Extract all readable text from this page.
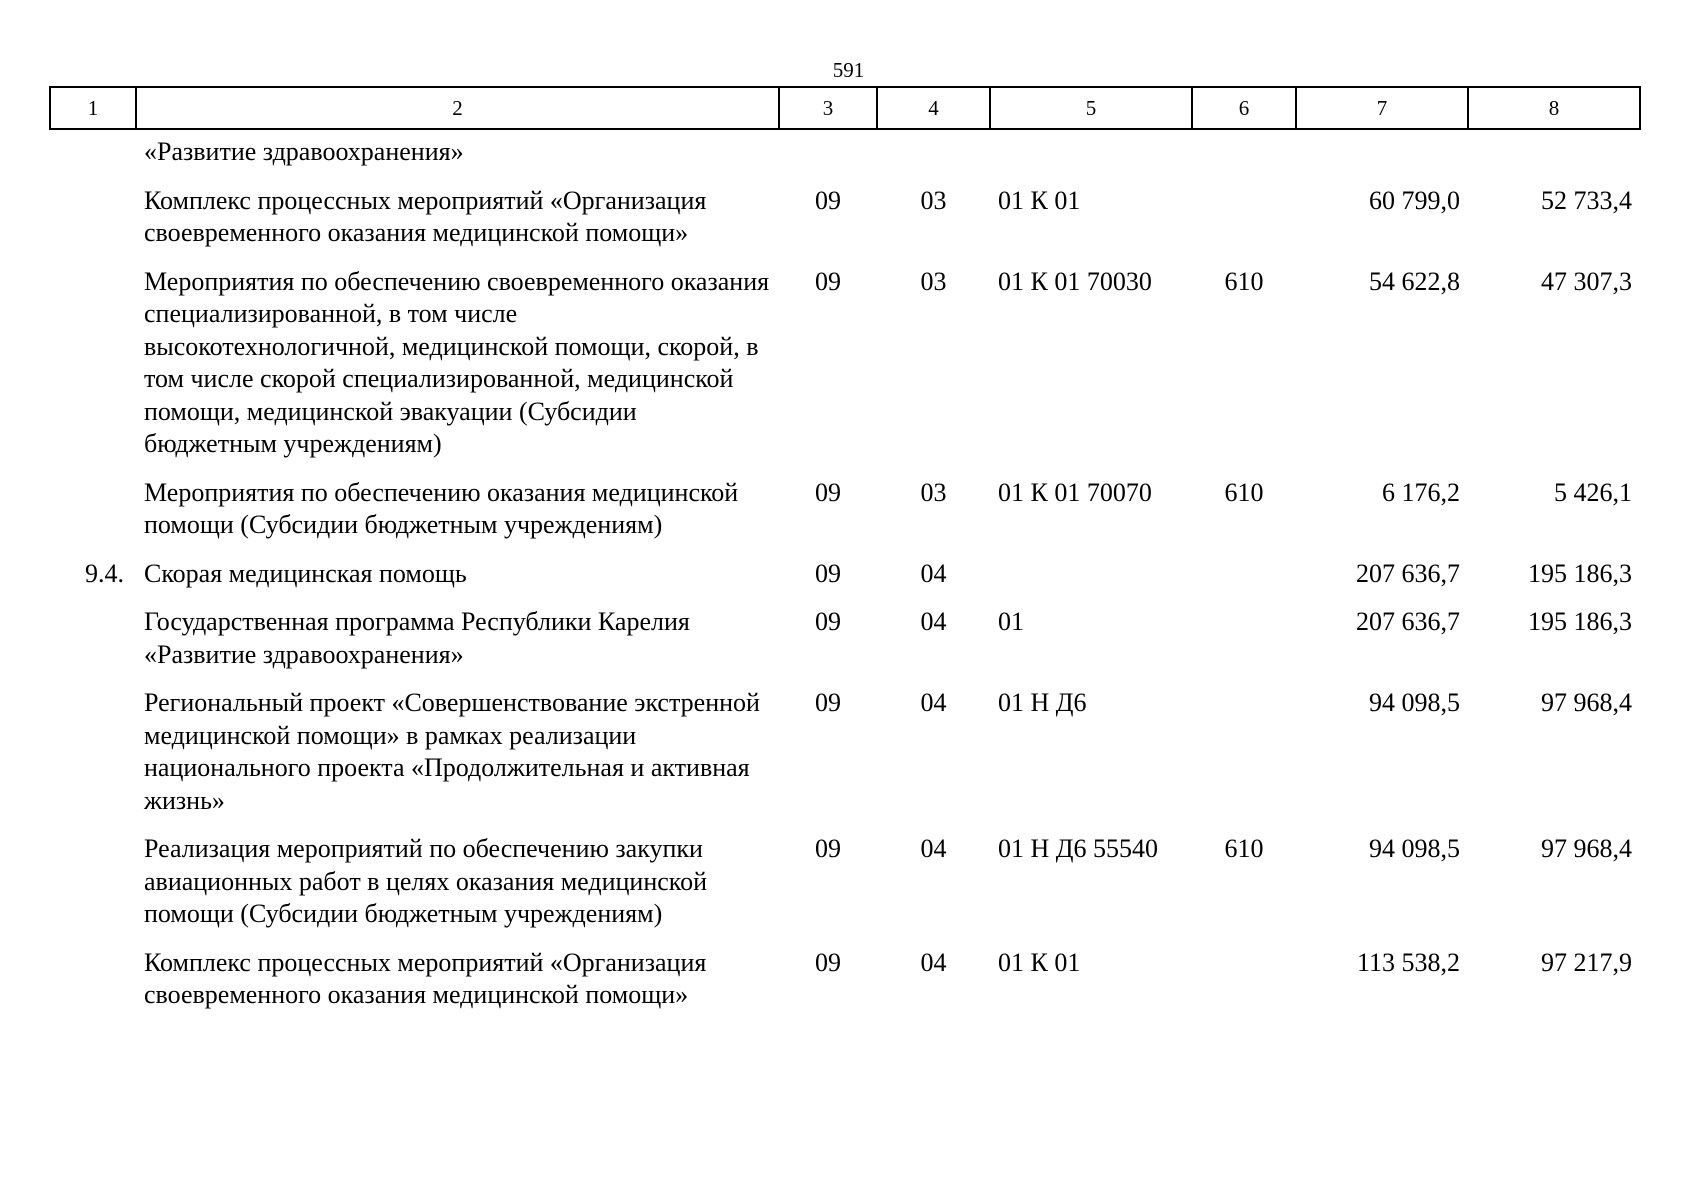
591
1	2	3	4	5	6	7	8
	«Развитие здравоохранения»						
	Комплекс процессных мероприятий «Организация своевременного оказания медицинской помощи»	09	03	01 К 01		60 799,0	52 733,4
	Мероприятия по обеспечению своевременного оказания специализированной, в том числе высокотехнологичной, медицинской помощи, скорой, в том числе скорой специализированной, медицинской помощи, медицинской эвакуации (Субсидии бюджетным учреждениям)	09	03	01 К 01 70030	610	54 622,8	47 307,3
	Мероприятия по обеспечению оказания медицинской помощи (Субсидии бюджетным учреждениям)	09	03	01 К 01 70070	610	6 176,2	5 426,1
9.4.	Скорая медицинская помощь	09	04			207 636,7	195 186,3
	Государственная программа Республики Карелия «Развитие здравоохранения»	09	04	01		207 636,7	195 186,3
	Региональный проект «Совершенствование экстренной медицинской помощи» в рамках реализации национального проекта «Продолжительная и активная жизнь»	09	04	01 Н Д6		94 098,5	97 968,4
	Реализация мероприятий по обеспечению закупки авиационных работ в целях оказания медицинской помощи (Субсидии бюджетным учреждениям)	09	04	01 Н Д6 55540	610	94 098,5	97 968,4
	Комплекс процессных мероприятий «Организация своевременного оказания медицинской помощи»	09	04	01 К 01		113 538,2	97 217,9
